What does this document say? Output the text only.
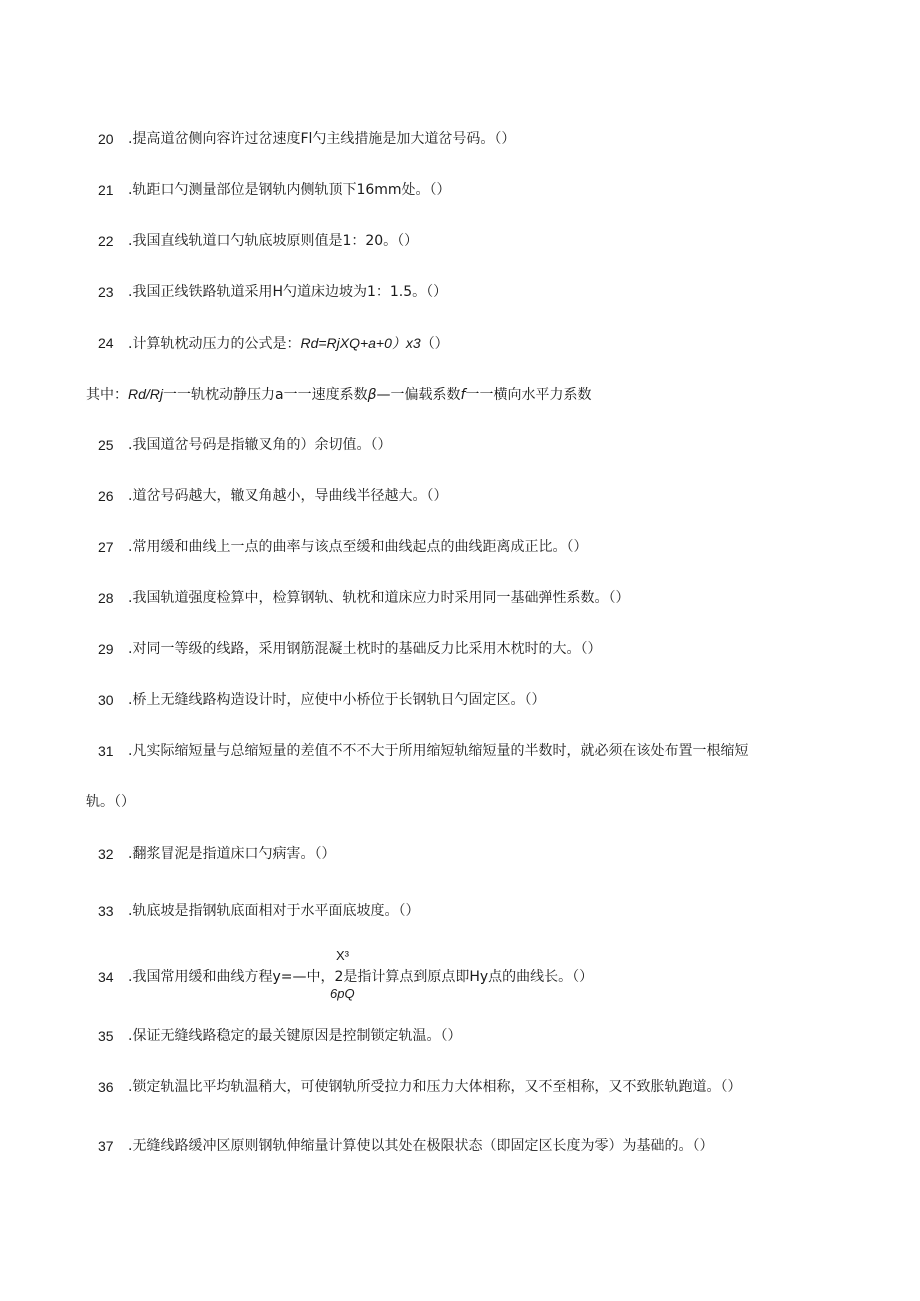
20	.提高道岔侧向容许过岔速度Fl勺主线措施是加大道岔号码。（）
21	.轨距口勺测量部位是钢轨内侧轨顶下16mm处。（）
22	.我国直线轨道口勺轨底坡原则值是1：20。（）
23	.我国正线铁路轨道采用H勺道床边坡为1：1.5。（）
24	.计算轨枕动压力的公式是：Rd=RjXQ+a+0）x3（）
其中：Rd/Rj一一轨枕动静压力a一一速度系数β—一偏载系数f一一横向水平力系数
25	.我国道岔号码是指辙叉角的）余切值。（）
26	.道岔号码越大，辙叉角越小，导曲线半径越大。（）
27	.常用缓和曲线上一点的曲率与该点至缓和曲线起点的曲线距离成正比。（）
28	.我国轨道强度检算中，检算钢轨、轨枕和道床应力时采用同一基础弹性系数。（）
29	.对同一等级的线路，采用钢筋混凝土枕时的基础反力比采用木枕时的大。（）
30	.桥上无缝线路构造设计时，应使中小桥位于长钢轨日勺固定区。（）
31	.凡实际缩短量与总缩短量的差值不不不大于所用缩短轨缩短量的半数时，就必须在该处布置一根缩短
轨。（）
32	.翻浆冒泥是指道床口勺病害。（）
33	.轨底坡是指钢轨底面相对于水平面底坡度。（）
X³
34	.我国常用缓和曲线方程y=—中，2是指计算点到原点即Hy点的曲线长。（）
6pQ
35	.保证无缝线路稳定的最关键原因是控制锁定轨温。（）
36	.锁定轨温比平均轨温稍大，可使钢轨所受拉力和压力大体相称，又不至相称，又不致胀轨跑道。（）
37	.无缝线路缓冲区原则钢轨伸缩量计算使以其处在极限状态（即固定区长度为零）为基础的。（）
